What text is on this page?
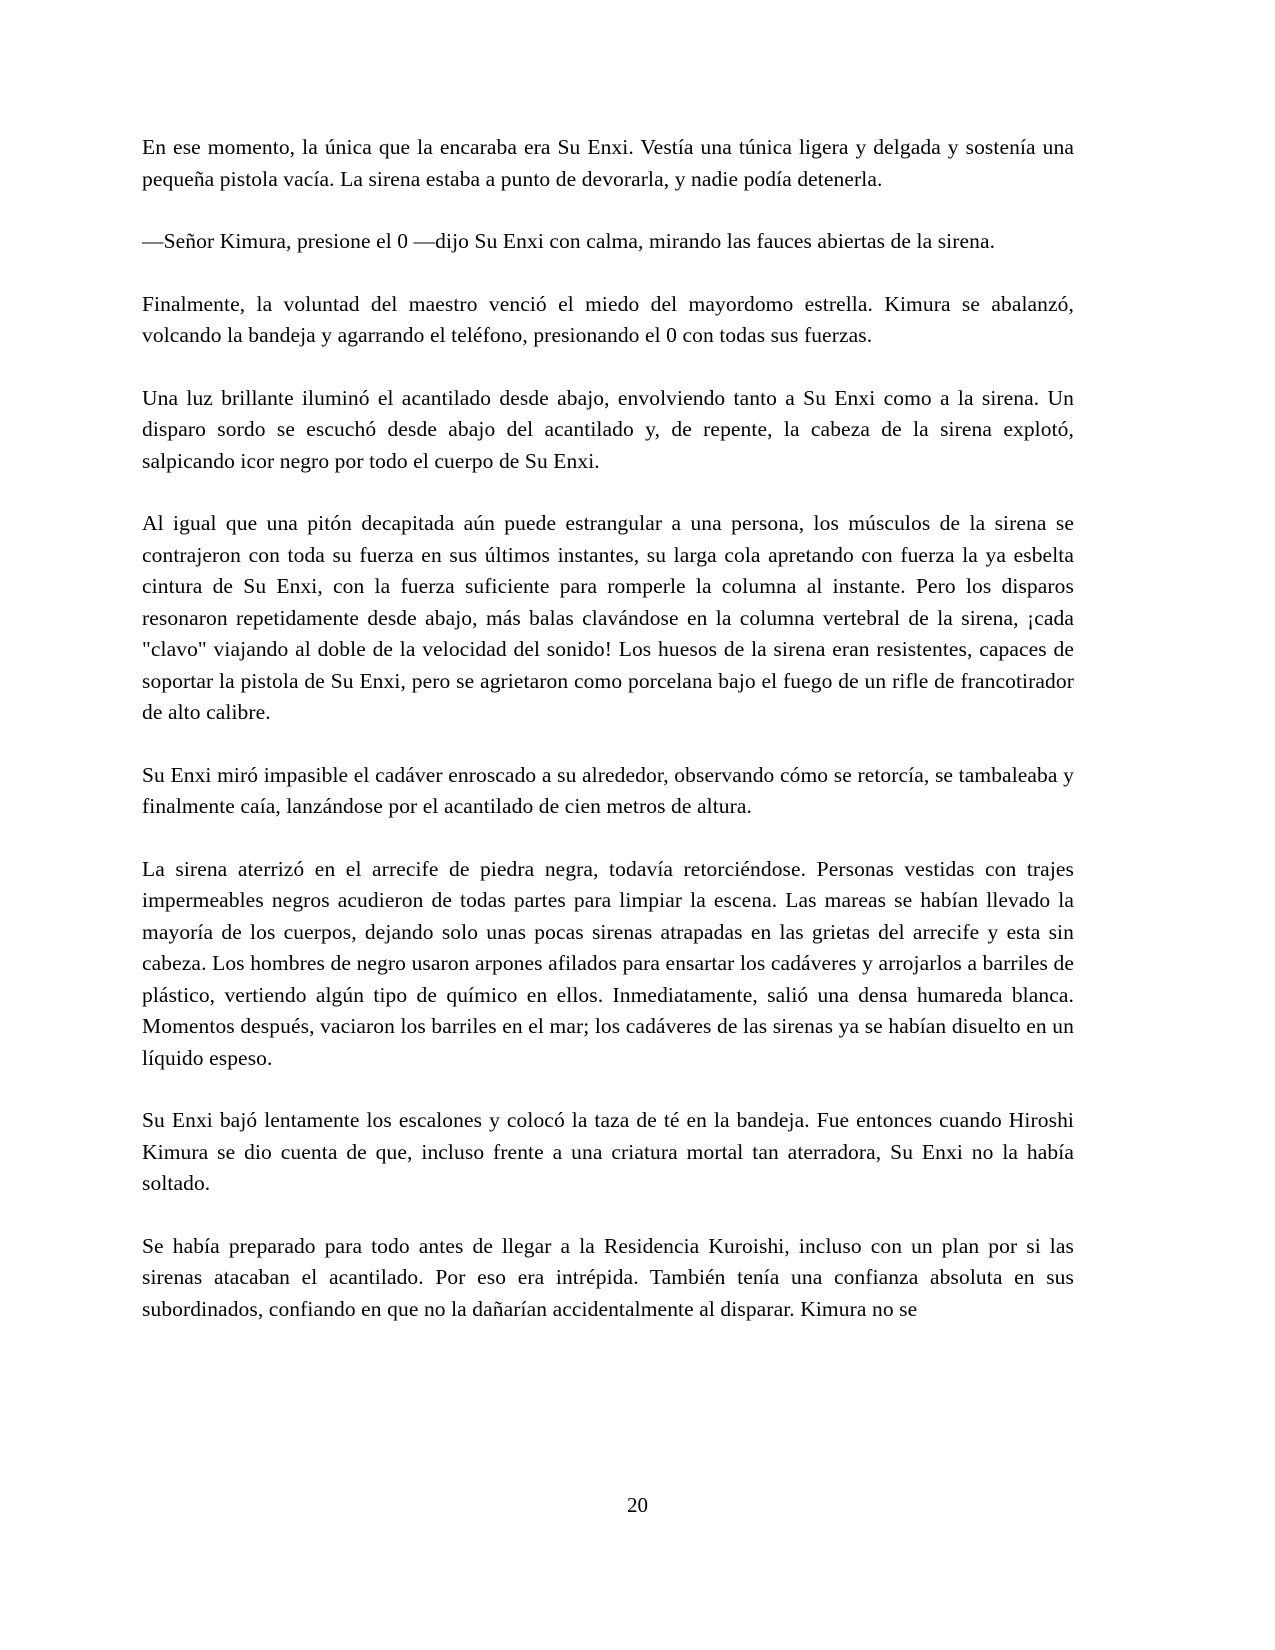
En ese momento, la única que la encaraba era Su Enxi. Vestía una túnica ligera y delgada y sostenía una pequeña pistola vacía. La sirena estaba a punto de devorarla, y nadie podía detenerla.

—Señor Kimura, presione el 0 —dijo Su Enxi con calma, mirando las fauces abiertas de la sirena.

Finalmente, la voluntad del maestro venció el miedo del mayordomo estrella. Kimura se abalanzó, volcando la bandeja y agarrando el teléfono, presionando el 0 con todas sus fuerzas.

Una luz brillante iluminó el acantilado desde abajo, envolviendo tanto a Su Enxi como a la sirena. Un disparo sordo se escuchó desde abajo del acantilado y, de repente, la cabeza de la sirena explotó, salpicando icor negro por todo el cuerpo de Su Enxi.

Al igual que una pitón decapitada aún puede estrangular a una persona, los músculos de la sirena se contrajeron con toda su fuerza en sus últimos instantes, su larga cola apretando con fuerza la ya esbelta cintura de Su Enxi, con la fuerza suficiente para romperle la columna al instante. Pero los disparos resonaron repetidamente desde abajo, más balas clavándose en la columna vertebral de la sirena, ¡cada "clavo" viajando al doble de la velocidad del sonido! Los huesos de la sirena eran resistentes, capaces de soportar la pistola de Su Enxi, pero se agrietaron como porcelana bajo el fuego de un rifle de francotirador de alto calibre.

Su Enxi miró impasible el cadáver enroscado a su alrededor, observando cómo se retorcía, se tambaleaba y finalmente caía, lanzándose por el acantilado de cien metros de altura.

La sirena aterrizó en el arrecife de piedra negra, todavía retorciéndose. Personas vestidas con trajes impermeables negros acudieron de todas partes para limpiar la escena. Las mareas se habían llevado la mayoría de los cuerpos, dejando solo unas pocas sirenas atrapadas en las grietas del arrecife y esta sin cabeza. Los hombres de negro usaron arpones afilados para ensartar los cadáveres y arrojarlos a barriles de plástico, vertiendo algún tipo de químico en ellos. Inmediatamente, salió una densa humareda blanca. Momentos después, vaciaron los barriles en el mar; los cadáveres de las sirenas ya se habían disuelto en un líquido espeso.

Su Enxi bajó lentamente los escalones y colocó la taza de té en la bandeja. Fue entonces cuando Hiroshi Kimura se dio cuenta de que, incluso frente a una criatura mortal tan aterradora, Su Enxi no la había soltado.

Se había preparado para todo antes de llegar a la Residencia Kuroishi, incluso con un plan por si las sirenas atacaban el acantilado. Por eso era intrépida. También tenía una confianza absoluta en sus subordinados, confiando en que no la dañarían accidentalmente al disparar. Kimura no se

20
